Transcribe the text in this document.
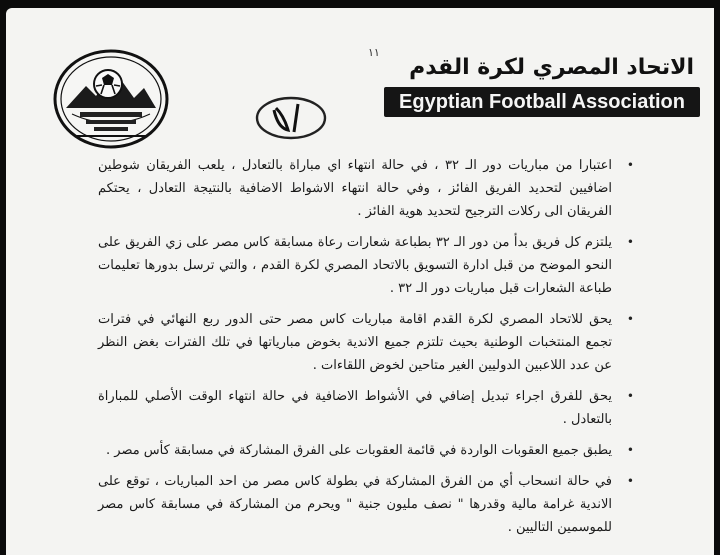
١١
الاتحاد المصري لكرة القدم
Egyptian Football Association

•
اعتبارا من مباريات دور الـ ٣٢ ، في حالة انتهاء اي مباراة بالتعادل ، يلعب الفريقان شوطين اضافيين لتحديد الفريق الفائز ، وفي حالة انتهاء الاشواط الاضافية بالنتيجة التعادل ، يحتكم الفريقان الى ركلات الترجيح لتحديد هوية الفائز .

•
يلتزم كل فريق بدأ من دور الـ ٣٢ بطباعة شعارات رعاة مسابقة كاس مصر على زي الفريق على النحو الموضح من قبل ادارة التسويق بالاتحاد المصري لكرة القدم ، والتي ترسل بدورها تعليمات طباعة الشعارات قبل مباريات دور الـ ٣٢ .

•
يحق للاتحاد المصري لكرة القدم اقامة مباريات كاس مصر حتى الدور ربع النهائي في فترات تجمع المنتخبات الوطنية بحيث تلتزم جميع الاندية بخوض مبارياتها في تلك الفترات بغض النظر عن عدد اللاعبين الدوليين الغير متاحين لخوض اللقاءات .

•
يحق للفرق اجراء تبديل إضافي في الأشواط الاضافية في حالة انتهاء الوقت الأصلي للمباراة بالتعادل .

•
يطبق جميع العقوبات الواردة في قائمة العقوبات على الفرق المشاركة في مسابقة كأس مصر .

•
في حالة انسحاب أي من الفرق المشاركة في بطولة كاس مصر من احد المباريات ، توقع على الاندية غرامة مالية وقدرها " نصف مليون جنية " ويحرم من المشاركة في مسابقة كاس مصر للموسمين التاليين .
